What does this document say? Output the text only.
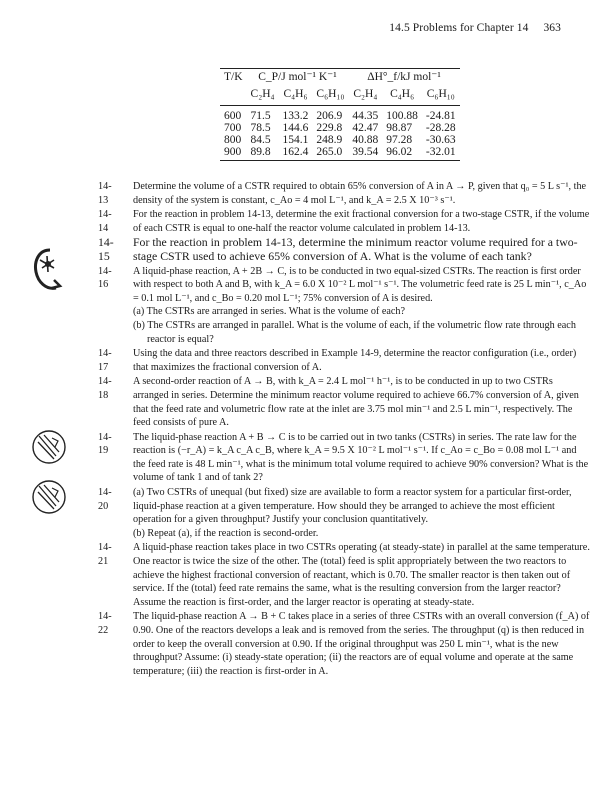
14.5 Problems for Chapter 14 363
T/K	C_P/J mol⁻¹ K⁻¹			ΔH°_f/kJ mol⁻¹		
	C₂H₄	C₄H₆	C₆H₁₀	C₂H₄	C₄H₆	C₆H₁₀
600	71.5	133.2	206.9	44.35	100.88	-24.81
700	78.5	144.6	229.8	42.47	98.87	-28.28
800	84.5	154.1	248.9	40.88	97.28	-30.63
900	89.8	162.4	265.0	39.54	96.02	-32.01
14-13
Determine the volume of a CSTR required to obtain 65% conversion of A in A → P, given that q₀ = 5 L s⁻¹, the density of the system is constant, c_Ao = 4 mol L⁻¹, and k_A = 2.5 X 10⁻³ s⁻¹.
14-14
For the reaction in problem 14-13, determine the exit fractional conversion for a two-stage CSTR, if the volume of each CSTR is equal to one-half the reactor volume calculated in problem 14-13.
14-15
For the reaction in problem 14-13, determine the minimum reactor volume required for a two-stage CSTR used to achieve 65% conversion of A. What is the volume of each tank?
14-16
A liquid-phase reaction, A + 2B → C, is to be conducted in two equal-sized CSTRs. The reaction is first order with respect to both A and B, with k_A = 6.0 X 10⁻² L mol⁻¹ s⁻¹. The volumetric feed rate is 25 L min⁻¹, c_Ao = 0.1 mol L⁻¹, and c_Bo = 0.20 mol L⁻¹; 75% conversion of A is desired.
(a) The CSTRs are arranged in series. What is the volume of each?
(b) The CSTRs are arranged in parallel. What is the volume of each, if the volumetric flow rate through each reactor is equal?
14-17
Using the data and three reactors described in Example 14-9, determine the reactor configuration (i.e., order) that maximizes the fractional conversion of A.
14-18
A second-order reaction of A → B, with k_A = 2.4 L mol⁻¹ h⁻¹, is to be conducted in up to two CSTRs arranged in series. Determine the minimum reactor volume required to achieve 66.7% conversion of A, given that the feed rate and volumetric flow rate at the inlet are 3.75 mol min⁻¹ and 2.5 L min⁻¹, respectively. The feed consists of pure A.
14-19
The liquid-phase reaction A + B → C is to be carried out in two tanks (CSTRs) in series. The rate law for the reaction is (−r_A) = k_A c_A c_B, where k_A = 9.5 X 10⁻² L mol⁻¹ s⁻¹. If c_Ao = c_Bo = 0.08 mol L⁻¹ and the feed rate is 48 L min⁻¹, what is the minimum total volume required to achieve 90% conversion? What is the volume of tank 1 and of tank 2?
14-20
(a) Two CSTRs of unequal (but fixed) size are available to form a reactor system for a particular first-order, liquid-phase reaction at a given temperature. How should they be arranged to achieve the most efficient operation for a given throughput? Justify your conclusion quantitatively.
(b) Repeat (a), if the reaction is second-order.
14-21
A liquid-phase reaction takes place in two CSTRs operating (at steady-state) in parallel at the same temperature. One reactor is twice the size of the other. The (total) feed is split appropriately between the two reactors to achieve the highest fractional conversion of reactant, which is 0.70. The smaller reactor is then taken out of service. If the (total) feed rate remains the same, what is the resulting conversion from the larger reactor? Assume the reaction is first-order, and the larger reactor is operating at steady-state.
14-22
The liquid-phase reaction A → B + C takes place in a series of three CSTRs with an overall conversion (f_A) of 0.90. One of the reactors develops a leak and is removed from the series. The throughput (q) is then reduced in order to keep the overall conversion at 0.90. If the original throughput was 250 L min⁻¹, what is the new throughput? Assume: (i) steady-state operation; (ii) the reactors are of equal volume and operate at the same temperature; (iii) the reaction is first-order in A.
